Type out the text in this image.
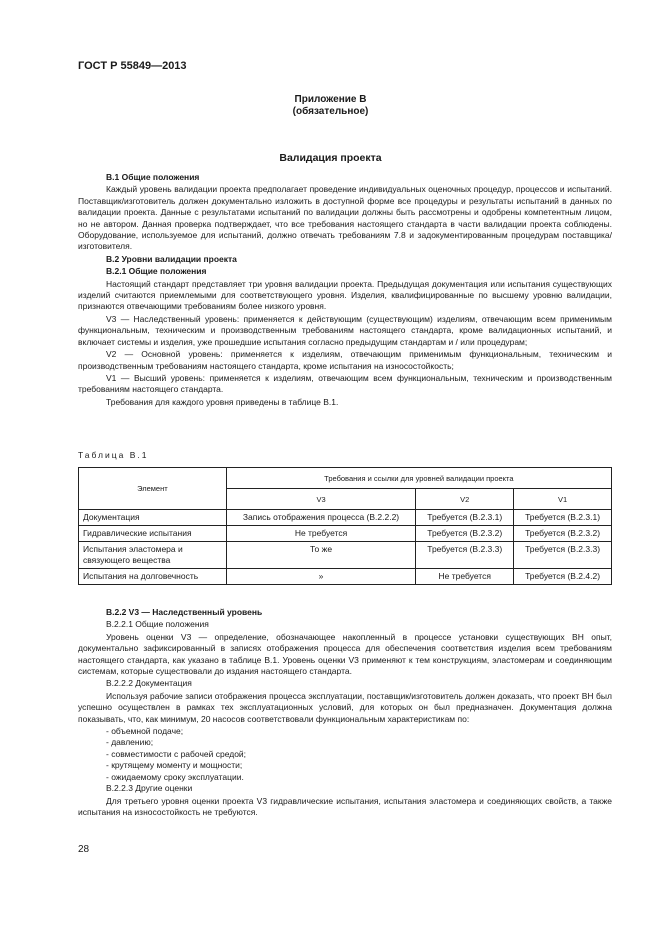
ГОСТ Р 55849—2013
Приложение В
(обязательное)
Валидация проекта
В.1 Общие положения

Каждый уровень валидации проекта предполагает проведение индивидуальных оценочных процедур, процессов и испытаний. Поставщик/изготовитель должен документально изложить в доступной форме все процедуры и результаты испытаний в данных по валидации проекта. Данные с результатами испытаний по валидации должны быть рассмотрены и одобрены компетентным лицом, но не автором. Данная проверка подтверждает, что все требования настоящего стандарта в части валидации проекта соблюдены. Оборудование, используемое для испытаний, должно отвечать требованиям 7.8 и задокументированным процедурам поставщика/изготовителя.

В.2 Уровни валидации проекта
В.2.1 Общие положения

Настоящий стандарт представляет три уровня валидации проекта. Предыдущая документация или испытания существующих изделий считаются приемлемыми для соответствующего уровня. Изделия, квалифицированные по высшему уровню валидации, признаются отвечающими требованиям более низкого уровня.

V3 — Наследственный уровень: применяется к действующим (существующим) изделиям, отвечающим всем применимым функциональным, техническим и производственным требованиям настоящего стандарта, кроме валидационных испытаний, и включает системы и изделия, уже прошедшие испытания согласно предыдущим стандартам и / или процедурам;

V2 — Основной уровень: применяется к изделиям, отвечающим применимым функциональным, техническим и производственным требованиям настоящего стандарта, кроме испытания на износостойкость;

V1 — Высший уровень: применяется к изделиям, отвечающим всем функциональным, техническим и производственным требованиям настоящего стандарта.

Требования для каждого уровня приведены в таблице В.1.

Таблица В.1
Элемент	Требования и ссылки для уровней валидации проекта		
	V3	V2	V1
Документация	Запись отображения процесса (В.2.2.2)	Требуется (В.2.3.1)	Требуется (В.2.3.1)
Гидравлические испытания	Не требуется	Требуется (В.2.3.2)	Требуется (В.2.3.2)
Испытания эластомера и связующего вещества	То же	Требуется (В.2.3.3)	Требуется (В.2.3.3)
Испытания на долговечность	»	Не требуется	Требуется (В.2.4.2)
В.2.2 V3 — Наследственный уровень
В.2.2.1 Общие положения

Уровень оценки V3 — определение, обозначающее накопленный в процессе установки существующих ВН опыт, документально зафиксированный в записях отображения процесса для обеспечения соответствия изделия всем требованиям настоящего стандарта, как указано в таблице В.1. Уровень оценки V3 применяют к тем конструкциям, эластомерам и соединяющим системам, которые существовали до издания настоящего стандарта.

В.2.2.2 Документация

Используя рабочие записи отображения процесса эксплуатации, поставщик/изготовитель должен доказать, что проект ВН был успешно осуществлен в рамках тех эксплуатационных условий, для которых он был предназначен. Документация должна показывать, что, как минимум, 20 насосов соответствовали функциональным характеристикам по:

- объемной подаче;
- давлению;
- совместимости с рабочей средой;
- крутящему моменту и мощности;
- ожидаемому сроку эксплуатации.
В.2.2.3 Другие оценки

Для третьего уровня оценки проекта V3 гидравлические испытания, испытания эластомера и соединяющих свойств, а также испытания на износостойкость не требуются.

28
